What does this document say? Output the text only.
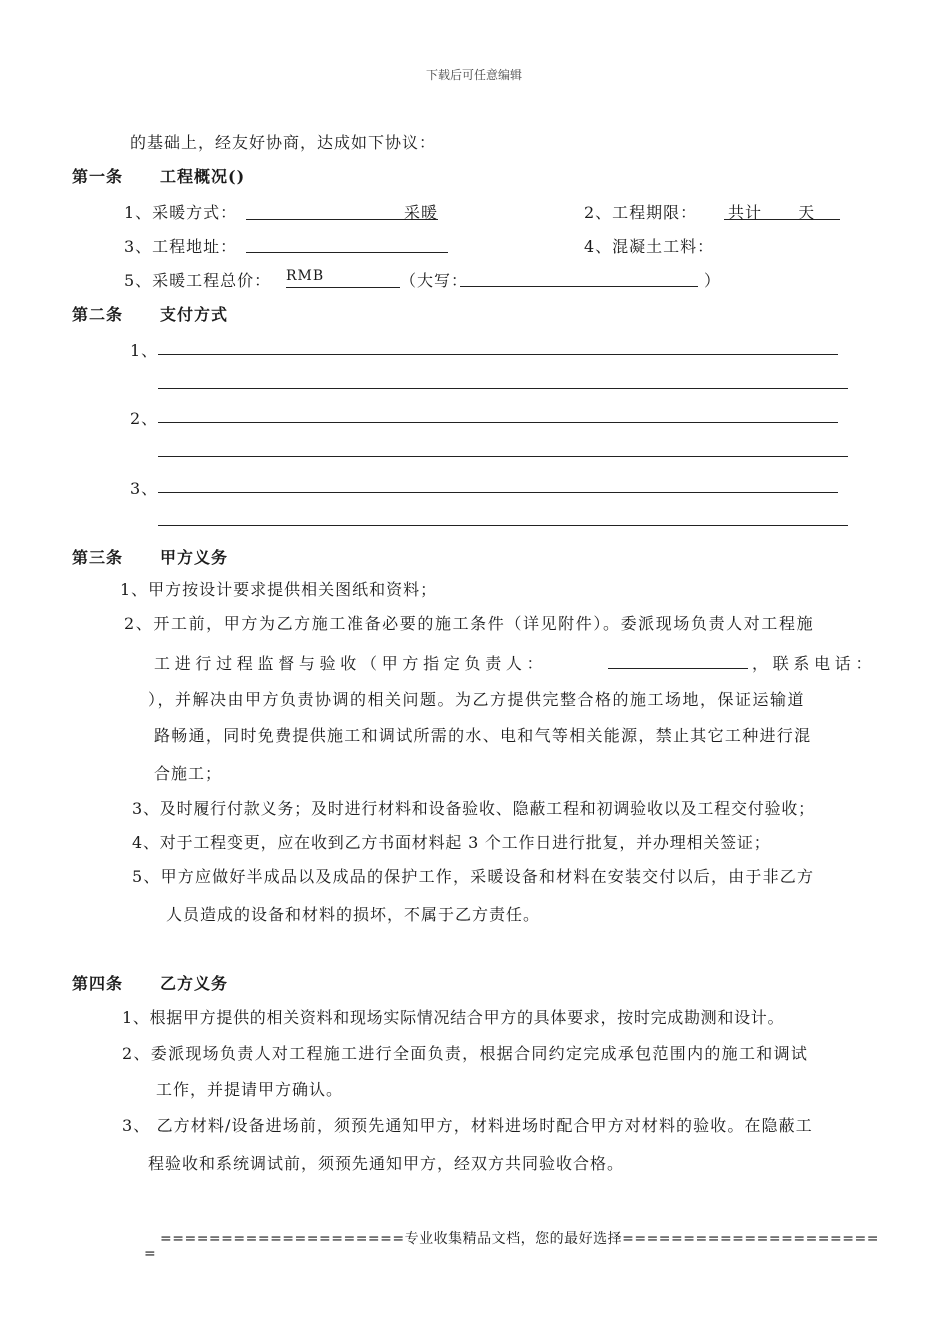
下载后可任意编辑
的基础上，经友好协商，达成如下协议：
第一条 工程概况()
1、采暖方式：	采暖	2、工程期限： 共计 天
3、工程地址：	4、混凝土工料：
5、采暖工程总价： RMB	（大写：	）
第二条 支付方式
1、
2、
3、
第三条 甲方义务
1、甲方按设计要求提供相关图纸和资料；
2、开工前，甲方为乙方施工准备必要的施工条件（详见附件）。委派现场负责人对工程施
工进行过程监督与验收（甲方指定负责人：	，联系电话：
），并解决由甲方负责协调的相关问题。为乙方提供完整合格的施工场地，保证运输道
路畅通，同时免费提供施工和调试所需的水、电和气等相关能源，禁止其它工种进行混
合施工；
3、及时履行付款义务；及时进行材料和设备验收、隐蔽工程和初调验收以及工程交付验收；
4、对于工程变更，应在收到乙方书面材料起 3 个工作日进行批复，并办理相关签证；
5、甲方应做好半成品以及成品的保护工作，采暖设备和材料在安装交付以后，由于非乙方
人员造成的设备和材料的损坏，不属于乙方责任。
第四条 乙方义务
1、根据甲方提供的相关资料和现场实际情况结合甲方的具体要求，按时完成勘测和设计。
2、委派现场负责人对工程施工进行全面负责，根据合同约定完成承包范围内的施工和调试
工作，并提请甲方确认。
3、 乙方材料/设备进场前，须预先通知甲方，材料进场时配合甲方对材料的验收。在隐蔽工
程验收和系统调试前，须预先通知甲方，经双方共同验收合格。
====================专业收集精品文档，您的最好选择=====================
=
